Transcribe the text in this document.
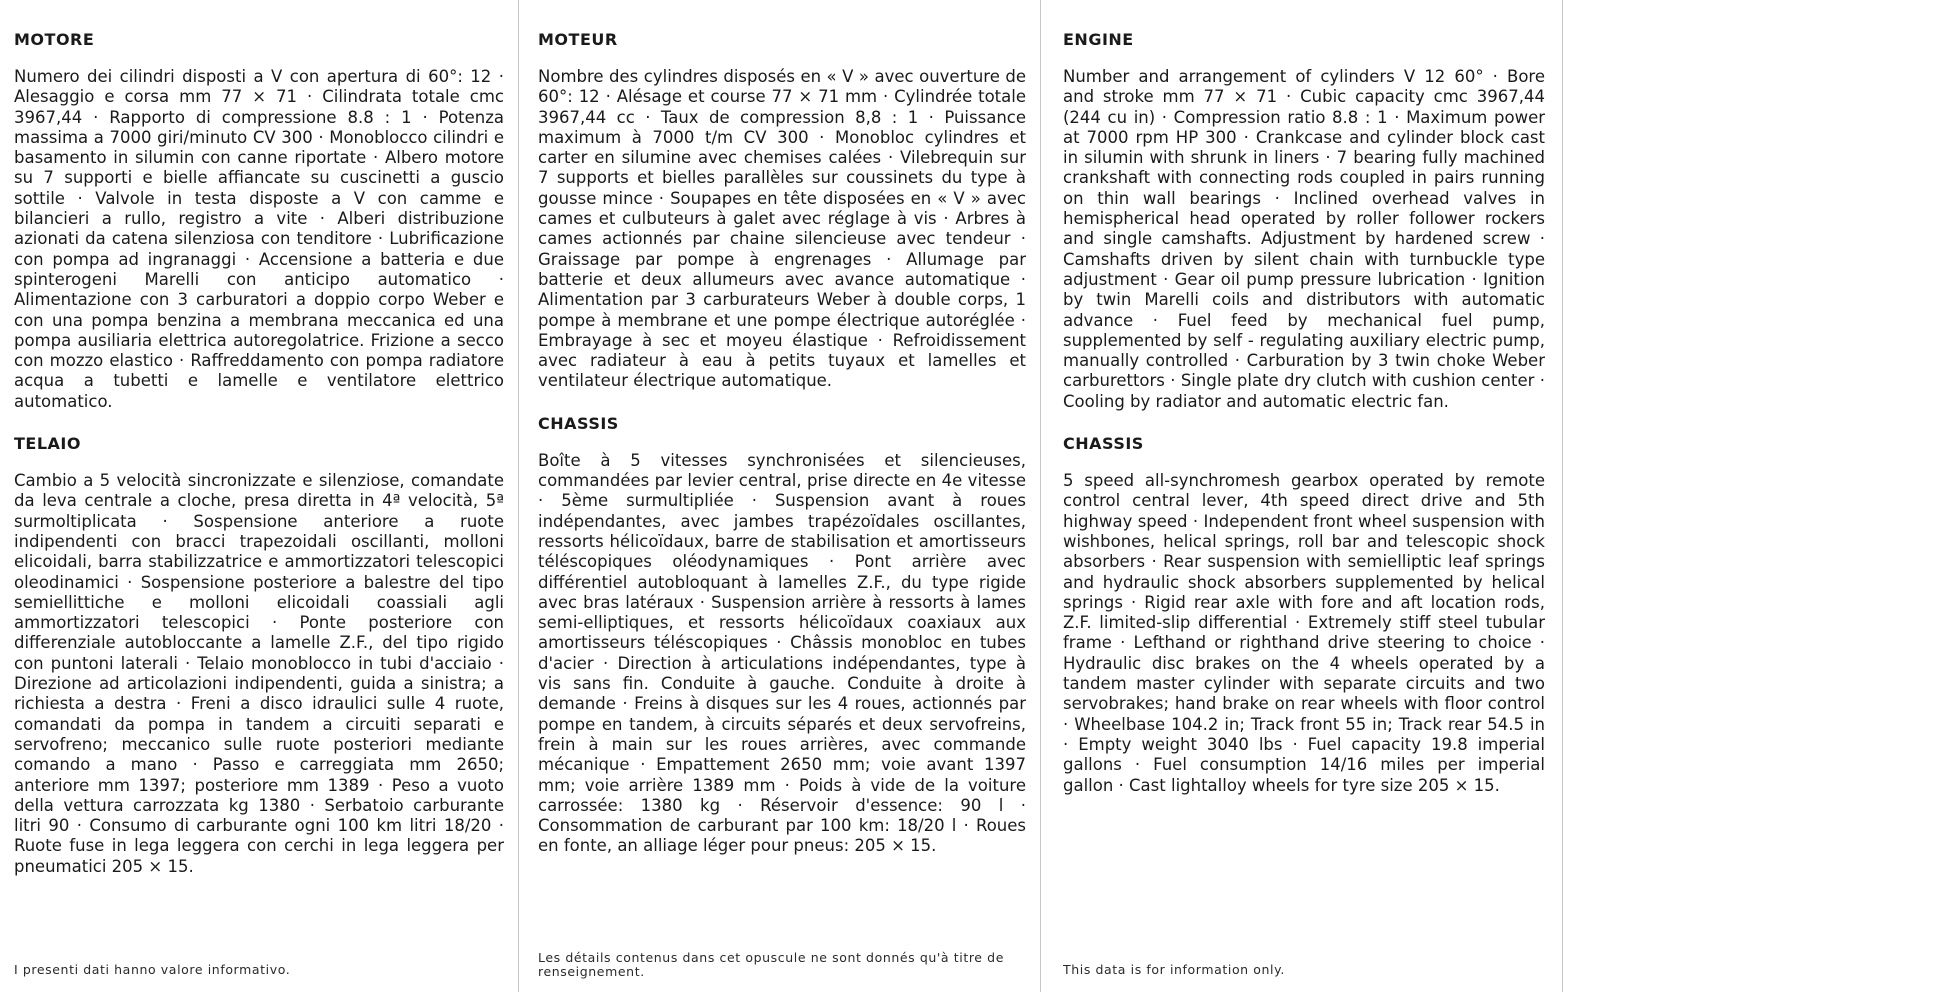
MOTORE

Numero dei cilindri disposti a V con apertura di 60°: 12 · Alesaggio e corsa mm 77 × 71 · Cilindrata totale cmc 3967,44 · Rapporto di compressione 8.8 : 1 · Potenza massima a 7000 giri/minuto CV 300 · Monoblocco cilindri e basamento in silumin con canne riportate · Albero motore su 7 supporti e bielle affiancate su cuscinetti a guscio sottile · Valvole in testa disposte a V con camme e bilancieri a rullo, registro a vite · Alberi distribuzione azionati da catena silenziosa con tenditore · Lubrificazione con pompa ad ingranaggi · Accensione a batteria e due spinterogeni Marelli con anticipo automatico · Alimentazione con 3 carburatori a doppio corpo Weber e con una pompa benzina a membrana meccanica ed una pompa ausiliaria elettrica autoregolatrice. Frizione a secco con mozzo elastico · Raffreddamento con pompa radiatore acqua a tubetti e lamelle e ventilatore elettrico automatico.

TELAIO

Cambio a 5 velocità sincronizzate e silenziose, comandate da leva centrale a cloche, presa diretta in 4ª velocità, 5ª surmoltiplicata · Sospensione anteriore a ruote indipendenti con bracci trapezoidali oscillanti, molloni elicoidali, barra stabilizzatrice e ammortizzatori telescopici oleodinamici · Sospensione posteriore a balestre del tipo semiellittiche e molloni elicoidali coassiali agli ammortizzatori telescopici · Ponte posteriore con differenziale autobloccante a lamelle Z.F., del tipo rigido con puntoni laterali · Telaio monoblocco in tubi d'acciaio · Direzione ad articolazioni indipendenti, guida a sinistra; a richiesta a destra · Freni a disco idraulici sulle 4 ruote, comandati da pompa in tandem a circuiti separati e servofreno; meccanico sulle ruote posteriori mediante comando a mano · Passo e carreggiata mm 2650; anteriore mm 1397; posteriore mm 1389 · Peso a vuoto della vettura carrozzata kg 1380 · Serbatoio carburante litri 90 · Consumo di carburante ogni 100 km litri 18/20 · Ruote fuse in lega leggera con cerchi in lega leggera per pneumatici 205 × 15.

I presenti dati hanno valore informativo.
MOTEUR

Nombre des cylindres disposés en « V » avec ouverture de 60°: 12 · Alésage et course 77 × 71 mm · Cylindrée totale 3967,44 cc · Taux de compression 8,8 : 1 · Puissance maximum à 7000 t/m CV 300 · Monobloc cylindres et carter en silumine avec chemises calées · Vilebrequin sur 7 supports et bielles parallèles sur coussinets du type à gousse mince · Soupapes en tête disposées en « V » avec cames et culbuteurs à galet avec réglage à vis · Arbres à cames actionnés par chaine silencieuse avec tendeur · Graissage par pompe à engrenages · Allumage par batterie et deux allumeurs avec avance automatique · Alimentation par 3 carburateurs Weber à double corps, 1 pompe à membrane et une pompe électrique autoréglée · Embrayage à sec et moyeu élastique · Refroidissement avec radiateur à eau à petits tuyaux et lamelles et ventilateur électrique automatique.

CHASSIS

Boîte à 5 vitesses synchronisées et silencieuses, commandées par levier central, prise directe en 4e vitesse · 5ème surmultipliée · Suspension avant à roues indépendantes, avec jambes trapézoïdales oscillantes, ressorts hélicoïdaux, barre de stabilisation et amortisseurs téléscopiques oléodynamiques · Pont arrière avec différentiel autobloquant à lamelles Z.F., du type rigide avec bras latéraux · Suspension arrière à ressorts à lames semi-elliptiques, et ressorts hélicoïdaux coaxiaux aux amortisseurs téléscopiques · Châssis monobloc en tubes d'acier · Direction à articulations indépendantes, type à vis sans fin. Conduite à gauche. Conduite à droite à demande · Freins à disques sur les 4 roues, actionnés par pompe en tandem, à circuits séparés et deux servofreins, frein à main sur les roues arrières, avec commande mécanique · Empattement 2650 mm; voie avant 1397 mm; voie arrière 1389 mm · Poids à vide de la voiture carrossée: 1380 kg · Réservoir d'essence: 90 l · Consommation de carburant par 100 km: 18/20 l · Roues en fonte, an alliage léger pour pneus: 205 × 15.

Les détails contenus dans cet opuscule ne sont donnés qu'à titre de renseignement.
ENGINE

Number and arrangement of cylinders V 12 60° · Bore and stroke mm 77 × 71 · Cubic capacity cmc 3967,44 (244 cu in) · Compression ratio 8.8 : 1 · Maximum power at 7000 rpm HP 300 · Crankcase and cylinder block cast in silumin with shrunk in liners · 7 bearing fully machined crankshaft with connecting rods coupled in pairs running on thin wall bearings · Inclined overhead valves in hemispherical head operated by roller follower rockers and single camshafts. Adjustment by hardened screw · Camshafts driven by silent chain with turnbuckle type adjustment · Gear oil pump pressure lubrication · Ignition by twin Marelli coils and distributors with automatic advance · Fuel feed by mechanical fuel pump, supplemented by self - regulating auxiliary electric pump, manually controlled · Carburation by 3 twin choke Weber carburettors · Single plate dry clutch with cushion center · Cooling by radiator and automatic electric fan.

CHASSIS

5 speed all-synchromesh gearbox operated by remote control central lever, 4th speed direct drive and 5th highway speed · Independent front wheel suspension with wishbones, helical springs, roll bar and telescopic shock absorbers · Rear suspension with semielliptic leaf springs and hydraulic shock absorbers supplemented by helical springs · Rigid rear axle with fore and aft location rods, Z.F. limited-slip differential · Extremely stiff steel tubular frame · Lefthand or righthand drive steering to choice · Hydraulic disc brakes on the 4 wheels operated by a tandem master cylinder with separate circuits and two servobrakes; hand brake on rear wheels with floor control · Wheelbase 104.2 in; Track front 55 in; Track rear 54.5 in · Empty weight 3040 lbs · Fuel capacity 19.8 imperial gallons · Fuel consumption 14/16 miles per imperial gallon · Cast lightalloy wheels for tyre size 205 × 15.

This data is for information only.
